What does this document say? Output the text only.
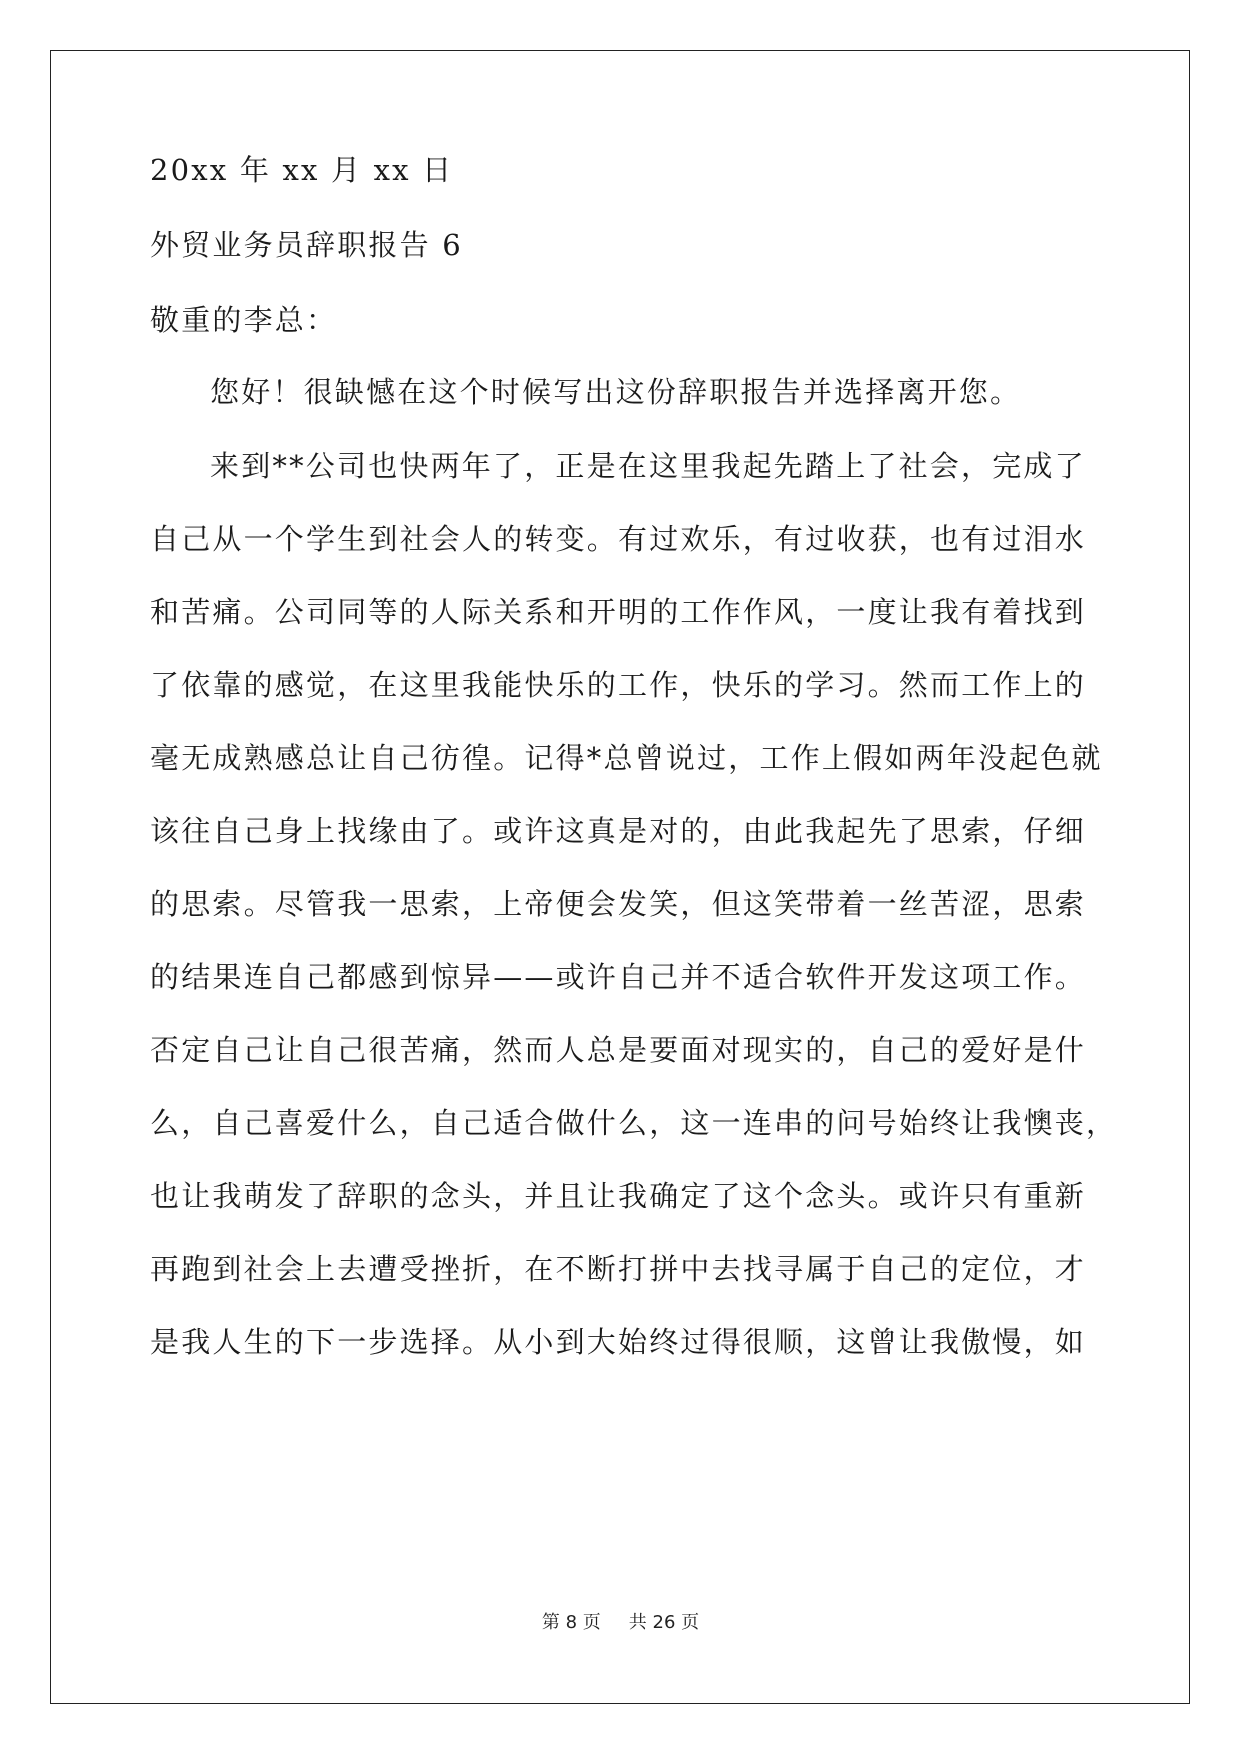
20xx 年 xx 月 xx 日
外贸业务员辞职报告 6
敬重的李总：
您好！很缺憾在这个时候写出这份辞职报告并选择离开您。
来到**公司也快两年了，正是在这里我起先踏上了社会，完成了
自己从一个学生到社会人的转变。有过欢乐，有过收获，也有过泪水
和苦痛。公司同等的人际关系和开明的工作作风，一度让我有着找到
了依靠的感觉，在这里我能快乐的工作，快乐的学习。然而工作上的
毫无成熟感总让自己彷徨。记得*总曾说过，工作上假如两年没起色就
该往自己身上找缘由了。或许这真是对的，由此我起先了思索，仔细
的思索。尽管我一思索，上帝便会发笑，但这笑带着一丝苦涩，思索
的结果连自己都感到惊异——或许自己并不适合软件开发这项工作。
否定自己让自己很苦痛，然而人总是要面对现实的，自己的爱好是什
么，自己喜爱什么，自己适合做什么，这一连串的问号始终让我懊丧，
也让我萌发了辞职的念头，并且让我确定了这个念头。或许只有重新
再跑到社会上去遭受挫折，在不断打拼中去找寻属于自己的定位，才
是我人生的下一步选择。从小到大始终过得很顺，这曾让我傲慢，如
第 8 页 共 26 页
